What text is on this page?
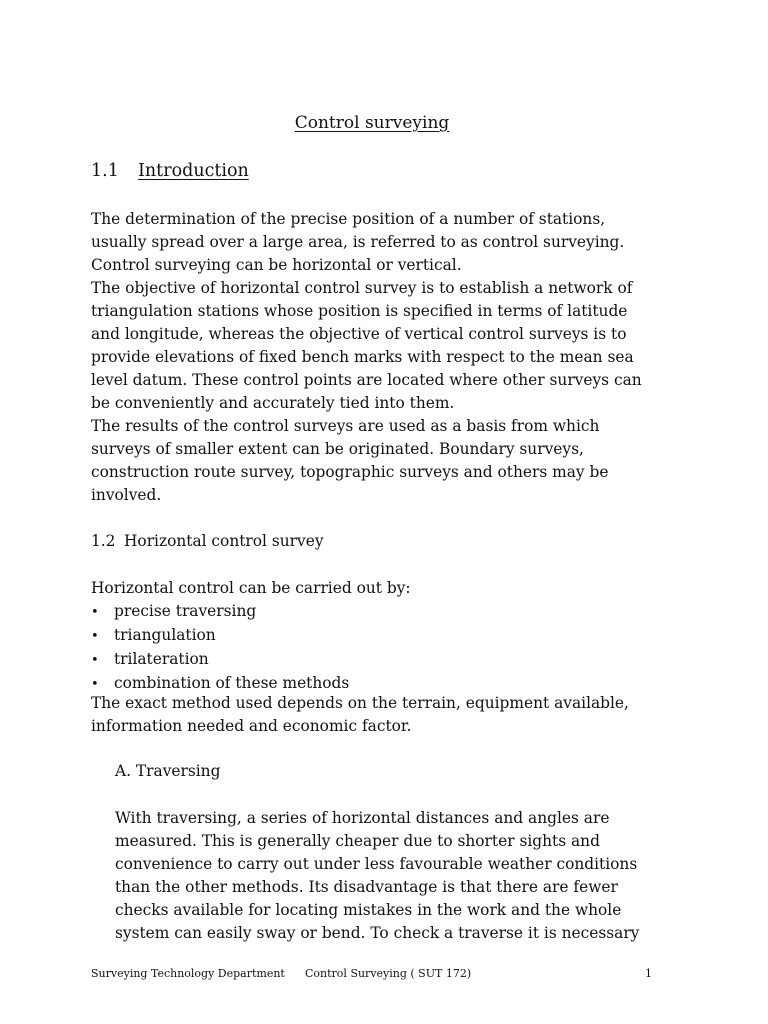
Control surveying
1.1 Introduction

The determination of the precise position of a number of stations,
usually spread over a large area, is referred to as control surveying.
Control surveying can be horizontal or vertical.
The objective of horizontal control survey is to establish a network of
triangulation stations whose position is specified in terms of latitude
and longitude, whereas the objective of vertical control surveys is to
provide elevations of fixed bench marks with respect to the mean sea
level datum. These control points are located where other surveys can
be conveniently and accurately tied into them.
The results of the control surveys are used as a basis from which
surveys of smaller extent can be originated. Boundary surveys,
construction route survey, topographic surveys and others may be
involved.

1.2 Horizontal control survey

Horizontal control can be carried out by:

• precise traversing
• triangulation
• trilateration
• combination of these methods

The exact method used depends on the terrain, equipment available,
information needed and economic factor.

A. Traversing

With traversing, a series of horizontal distances and angles are
measured. This is generally cheaper due to shorter sights and
convenience to carry out under less favourable weather conditions
than the other methods. Its disadvantage is that there are fewer
checks available for locating mistakes in the work and the whole
system can easily sway or bend. To check a traverse it is necessary

Surveying Technology Department Control Surveying ( SUT 172)	1
